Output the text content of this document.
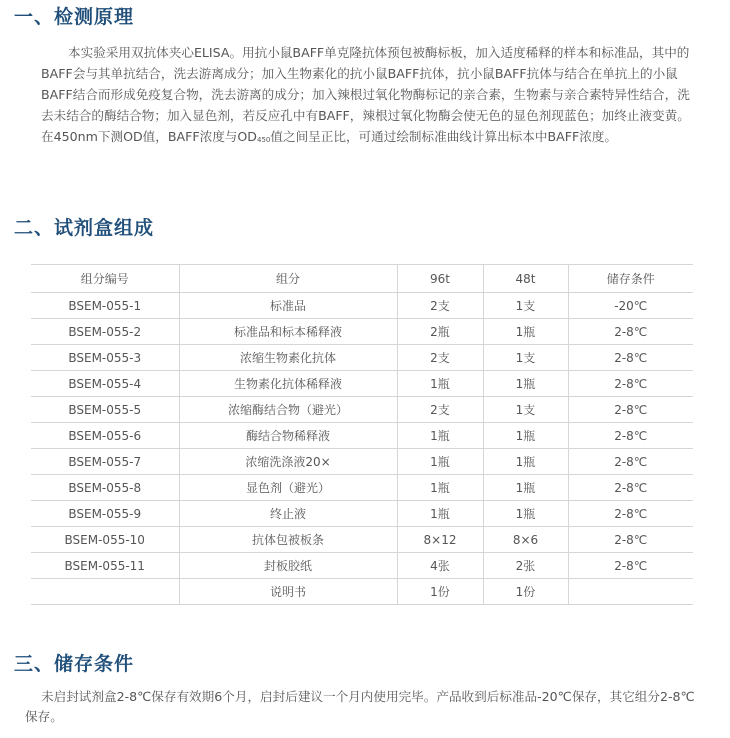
一、检测原理

本实验采用双抗体夹心ELISA。用抗小鼠BAFF单克隆抗体预包被酶标板，加入适度稀释的样本和标准品，其中的BAFF会与其单抗结合，洗去游离成分；加入生物素化的抗小鼠BAFF抗体，抗小鼠BAFF抗体与结合在单抗上的小鼠BAFF结合而形成免疫复合物，洗去游离的成分；加入辣根过氧化物酶标记的亲合素，生物素与亲合素特异性结合，洗去未结合的酶结合物；加入显色剂，若反应孔中有BAFF，辣根过氧化物酶会使无色的显色剂现蓝色；加终止液变黄。在450nm下测OD值，BAFF浓度与$OD_{450}$值之间呈正比，可通过绘制标准曲线计算出标本中BAFF浓度。

二、试剂盒组成
组分编号	组分	96t	48t	储存条件
BSEM-055-1	标准品	2支	1支	-20℃
BSEM-055-2	标准品和标本稀释液	2瓶	1瓶	2-8℃
BSEM-055-3	浓缩生物素化抗体	2支	1支	2-8℃
BSEM-055-4	生物素化抗体稀释液	1瓶	1瓶	2-8℃
BSEM-055-5	浓缩酶结合物（避光）	2支	1支	2-8℃
BSEM-055-6	酶结合物稀释液	1瓶	1瓶	2-8℃
BSEM-055-7	浓缩洗涤液20×	1瓶	1瓶	2-8℃
BSEM-055-8	显色剂（避光）	1瓶	1瓶	2-8℃
BSEM-055-9	终止液	1瓶	1瓶	2-8℃
BSEM-055-10	抗体包被板条	8×12	8×6	2-8℃
BSEM-055-11	封板胶纸	4张	2张	2-8℃
	说明书	1份	1份	
三、储存条件

未启封试剂盒2-8℃保存有效期6个月，启封后建议一个月内使用完毕。产品收到后标准品-20℃保存，其它组分2-8℃保存。
